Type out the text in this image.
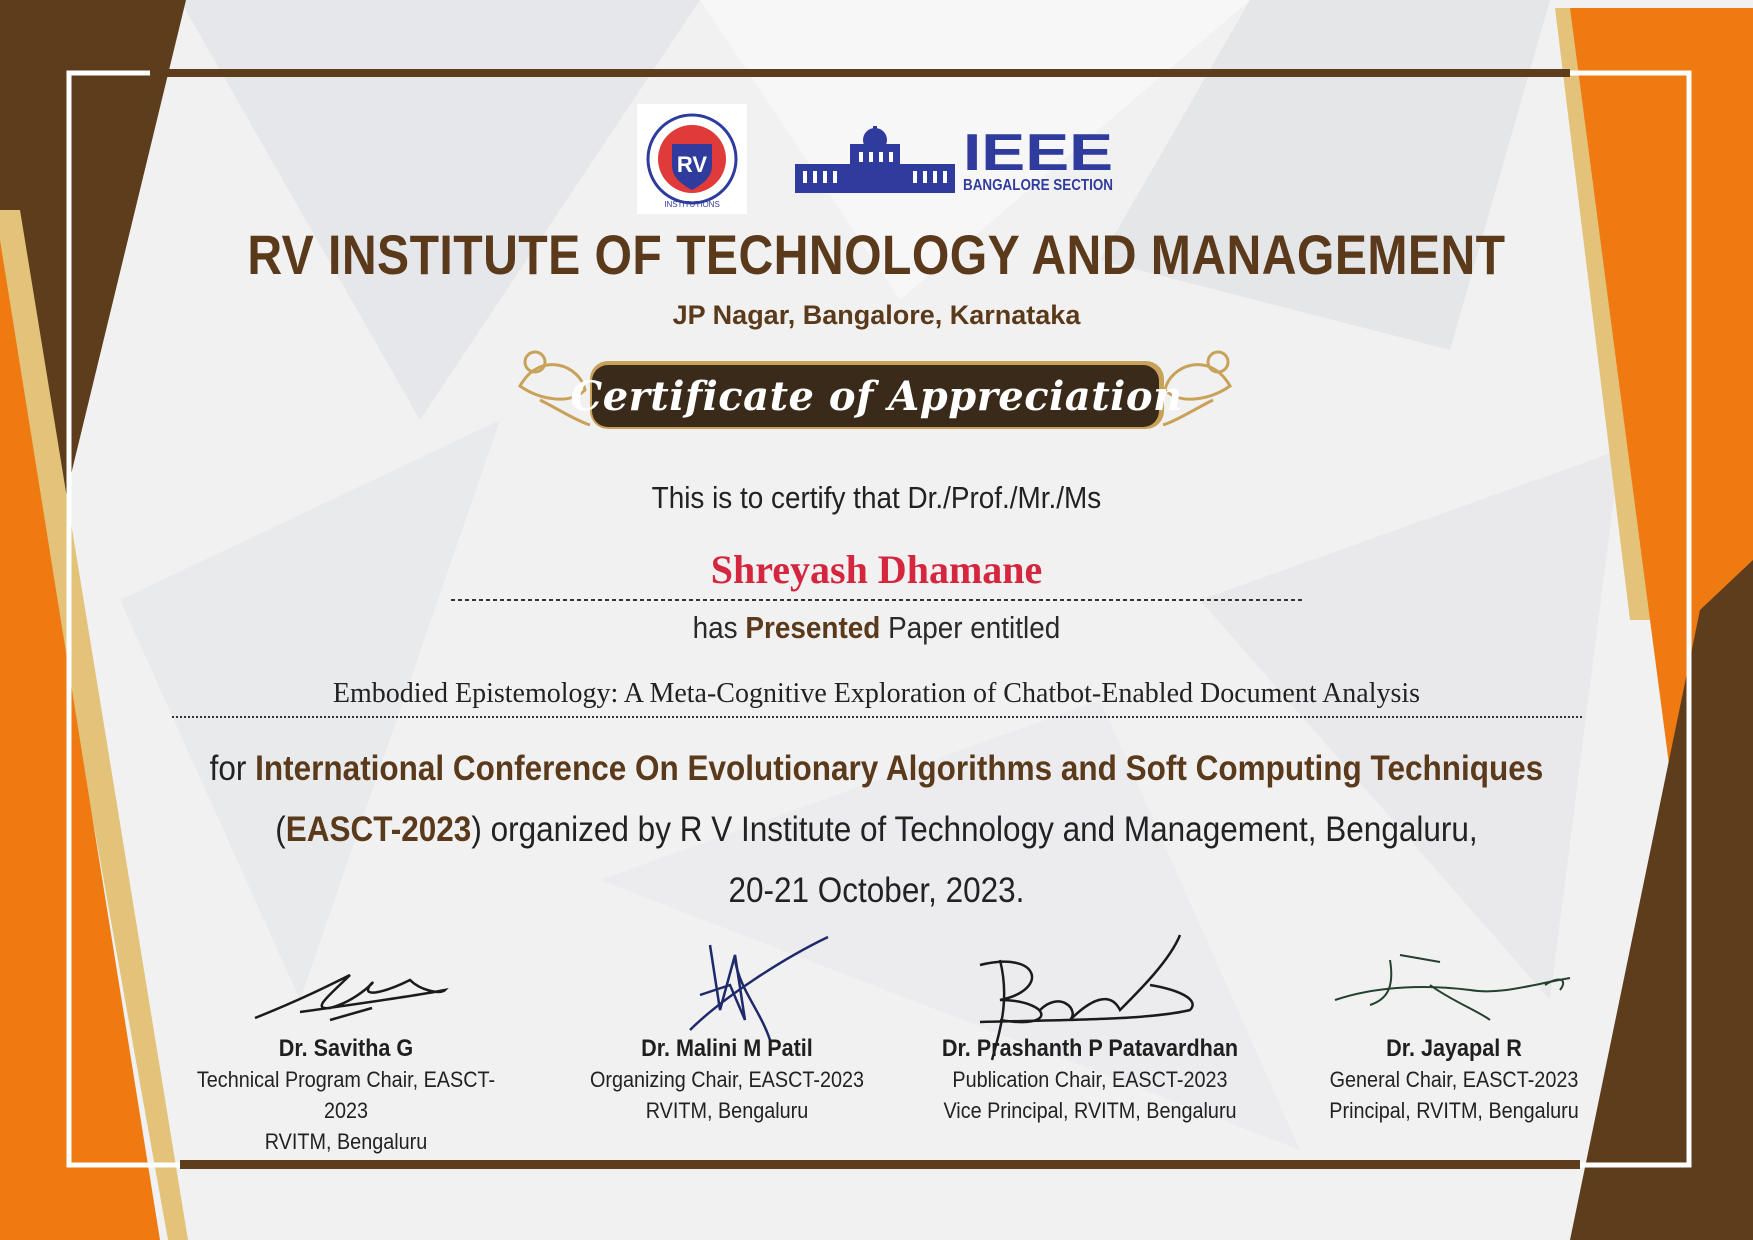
RV
INSTITUTIONS
IEEE
BANGALORE SECTION
RV INSTITUTE OF TECHNOLOGY AND MANAGEMENT
JP Nagar, Bangalore, Karnataka
Certificate of Appreciation
This is to certify that Dr./Prof./Mr./Ms
Shreyash Dhamane
has Presented Paper entitled
Embodied Epistemology: A Meta-Cognitive Exploration of Chatbot-Enabled Document Analysis
for International Conference On Evolutionary Algorithms and Soft Computing Techniques
(EASCT-2023) organized by R V Institute of Technology and Management, Bengaluru,
20-21 October, 2023.
Dr. Savitha G
Technical Program Chair, EASCT-2023
RVITM, Bengaluru
Dr. Malini M Patil
Organizing Chair, EASCT-2023
RVITM, Bengaluru
Dr. Prashanth P Patavardhan
Publication Chair, EASCT-2023
Vice Principal, RVITM, Bengaluru
Dr. Jayapal R
General Chair, EASCT-2023
Principal, RVITM, Bengaluru
